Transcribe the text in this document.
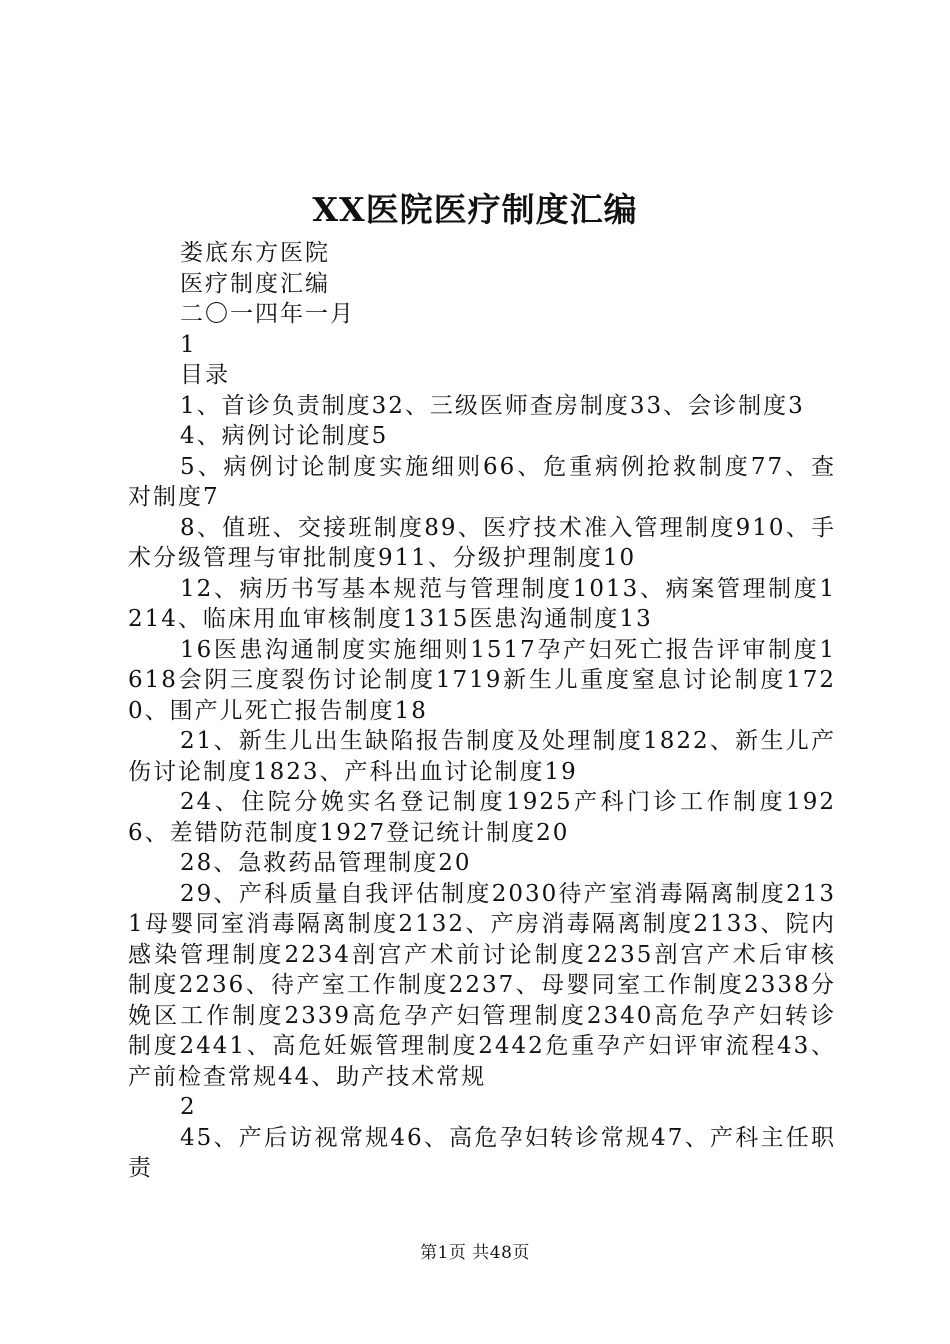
XX医院医疗制度汇编

娄底东方医院

医疗制度汇编

二〇一四年一月

1

目录

1、首诊负责制度32、三级医师查房制度33、会诊制度3

4、病例讨论制度5

5、病例讨论制度实施细则66、危重病例抢救制度77、查对制度7

8、值班、交接班制度89、医疗技术准入管理制度910、手术分级管理与审批制度911、分级护理制度10

12、病历书写基本规范与管理制度1013、病案管理制度1214、临床用血审核制度1315医患沟通制度13

16医患沟通制度实施细则1517孕产妇死亡报告评审制度1618会阴三度裂伤讨论制度1719新生儿重度窒息讨论制度1720、围产儿死亡报告制度18

21、新生儿出生缺陷报告制度及处理制度1822、新生儿产伤讨论制度1823、产科出血讨论制度19

24、住院分娩实名登记制度1925产科门诊工作制度1926、差错防范制度1927登记统计制度20

28、急救药品管理制度20

29、产科质量自我评估制度2030待产室消毒隔离制度2131母婴同室消毒隔离制度2132、产房消毒隔离制度2133、院内感染管理制度2234剖宫产术前讨论制度2235剖宫产术后审核制度2236、待产室工作制度2237、母婴同室工作制度2338分娩区工作制度2339高危孕产妇管理制度2340高危孕产妇转诊制度2441、高危妊娠管理制度2442危重孕产妇评审流程43、产前检查常规44、助产技术常规

2

45、产后访视常规46、高危孕妇转诊常规47、产科主任职责

第1页 共48页
